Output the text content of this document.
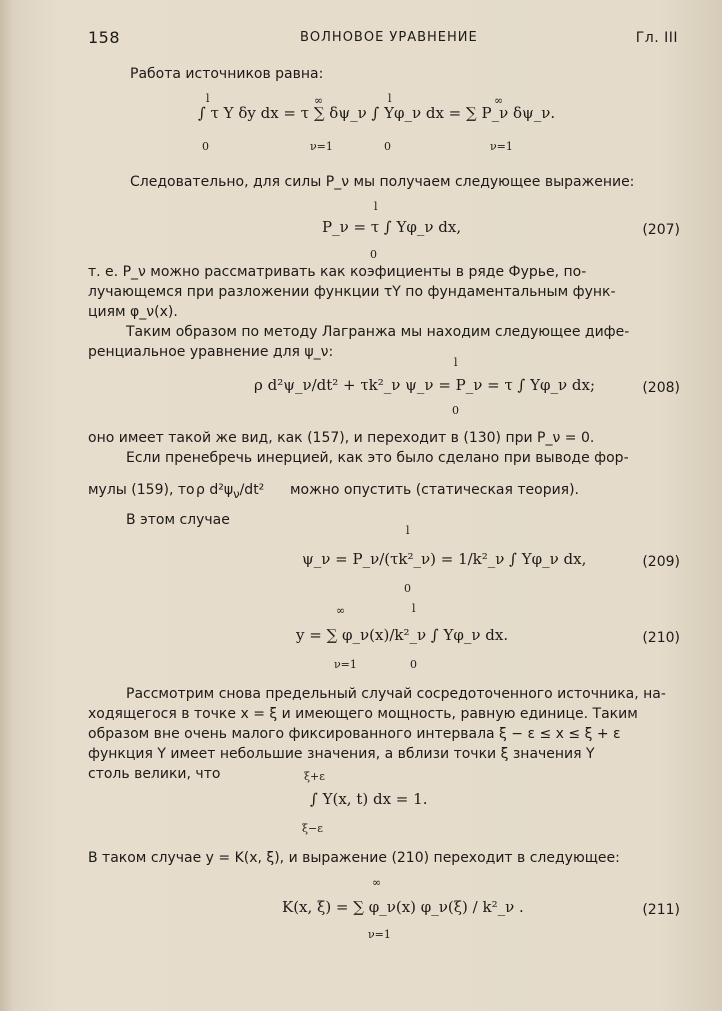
158	ВОЛНОВОЕ УРАВНЕНИЕ	Гл. III
Работа источников равна:
l	∞	l	∞
∫ τ Y δy dx = τ ∑ δψ_ν ∫ Yφ_ν dx = ∑ P_ν δψ_ν.
0	ν=1	0	ν=1
Следовательно, для силы P_ν мы получаем следующее выражение:
l
P_ν = τ ∫ Yφ_ν dx,
0
(207)
т. е. P_ν можно рассматривать как коэфициенты в ряде Фурье, по-
лучающемся при разложении функции τY по фундаментальным функ-
циям φ_ν(x).
Таким образом по методу Лагранжа мы находим следующее дифе-
ренциальное уравнение для ψ_ν:
l
ρ d²ψ_ν/dt² + τk²_ν ψ_ν = P_ν = τ ∫ Yφ_ν dx;
0
(208)
оно имеет такой же вид, как (157), и переходит в (130) при P_ν = 0.
Если пренебречь инерцией, как это было сделано при выводе фор-
мулы (159), то ρ $d^2\psi_\nu$/dt² можно опустить (статическая теория).
В этом случае
l
ψ_ν = P_ν/(τk²_ν) = 1/k²_ν ∫ Yφ_ν dx,
0
(209)
∞	l
y = ∑ φ_ν(x)/k²_ν ∫ Yφ_ν dx.
ν=1	0
(210)
Рассмотрим снова предельный случай сосредоточенного источника, на-
ходящегося в точке x = ξ и имеющего мощность, равную единице. Таким
образом вне очень малого фиксированного интервала ξ − ε ≤ x ≤ ξ + ε
функция Y имеет небольшие значения, а вблизи точки ξ значения Y
столь велики, что	ξ+ε
∫ Y(x, t) dx = 1.
ξ−ε
В таком случае y = K(x, ξ), и выражение (210) переходит в следующее:
∞
K(x, ξ) = ∑ φ_ν(x) φ_ν(ξ) / k²_ν .
ν=1
(211)
